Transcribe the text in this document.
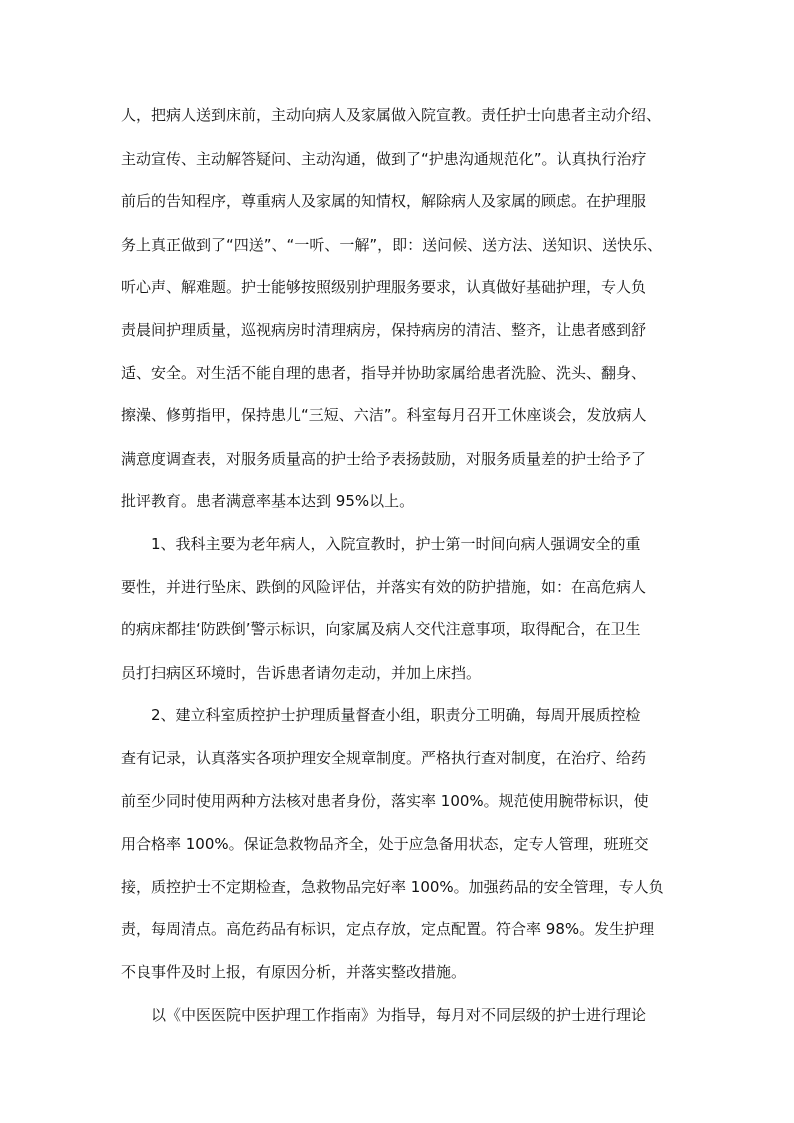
人，把病人送到床前，主动向病人及家属做入院宣教。责任护士向患者主动介绍、
主动宣传、主动解答疑问、主动沟通，做到了“护患沟通规范化”。认真执行治疗
前后的告知程序，尊重病人及家属的知情权，解除病人及家属的顾虑。在护理服
务上真正做到了“四送”、“一听、一解”，即：送问候、送方法、送知识、送快乐、
听心声、解难题。护士能够按照级别护理服务要求，认真做好基础护理，专人负
责晨间护理质量，巡视病房时清理病房，保持病房的清洁、整齐，让患者感到舒
适、安全。对生活不能自理的患者，指导并协助家属给患者洗脸、洗头、翻身、
擦澡、修剪指甲，保持患儿“三短、六洁”。科室每月召开工休座谈会，发放病人
满意度调查表，对服务质量高的护士给予表扬鼓励，对服务质量差的护士给予了
批评教育。患者满意率基本达到 95%以上。
1、我科主要为老年病人，入院宣教时，护士第一时间向病人强调安全的重
要性，并进行坠床、跌倒的风险评估，并落实有效的防护措施，如：在高危病人
的病床都挂‘防跌倒’警示标识，向家属及病人交代注意事项，取得配合，在卫生
员打扫病区环境时，告诉患者请勿走动，并加上床挡。
2、建立科室质控护士护理质量督查小组，职责分工明确，每周开展质控检
查有记录，认真落实各项护理安全规章制度。严格执行查对制度，在治疗、给药
前至少同时使用两种方法核对患者身份，落实率 100%。规范使用腕带标识，使
用合格率 100%。保证急救物品齐全，处于应急备用状态，定专人管理，班班交
接，质控护士不定期检查，急救物品完好率 100%。加强药品的安全管理，专人负
责，每周清点。高危药品有标识，定点存放，定点配置。符合率 98%。发生护理
不良事件及时上报，有原因分析，并落实整改措施。
以《中医医院中医护理工作指南》为指导，每月对不同层级的护士进行理论
